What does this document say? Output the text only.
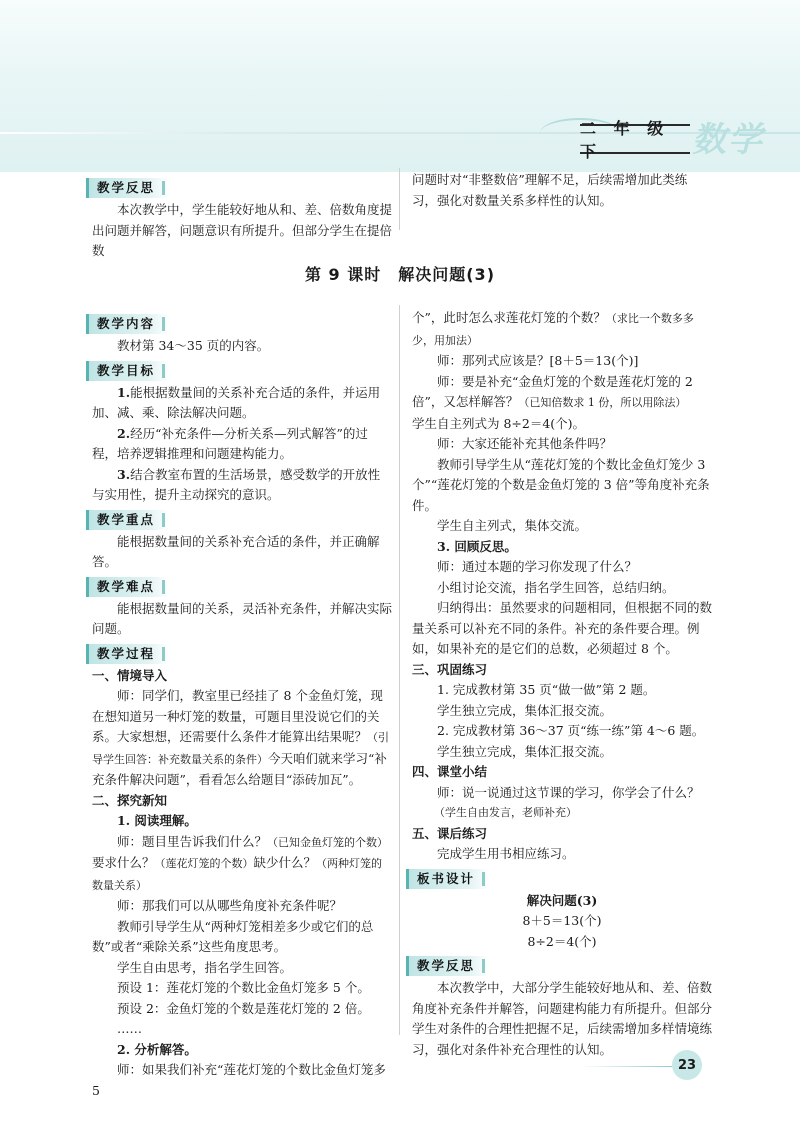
二 年 级 下	数学
教学反思

本次教学中，学生能较好地从和、差、倍数角度提出问题并解答，问题意识有所提升。但部分学生在提倍数

问题时对“非整数倍”理解不足，后续需增加此类练习，强化对数量关系多样性的认知。

第 9 课时　解决问题(3)
教学内容

教材第 34～35 页的内容。

教学目标

1.能根据数量间的关系补充合适的条件，并运用加、减、乘、除法解决问题。

2.经历“补充条件—分析关系—列式解答”的过程，培养逻辑推理和问题建构能力。

3.结合教室布置的生活场景，感受数学的开放性与实用性，提升主动探究的意识。

教学重点

能根据数量间的关系补充合适的条件，并正确解答。

教学难点

能根据数量间的关系，灵活补充条件，并解决实际问题。

教学过程

一、情境导入

师：同学们，教室里已经挂了 8 个金鱼灯笼，现在想知道另一种灯笼的数量，可题目里没说它们的关系。大家想想，还需要什么条件才能算出结果呢？（引导学生回答：补充数量关系的条件）今天咱们就来学习“补充条件解决问题”，看看怎么给题目“添砖加瓦”。

二、探究新知

1. 阅读理解。

师：题目里告诉我们什么？（已知金鱼灯笼的个数）要求什么？（莲花灯笼的个数）缺少什么？（两种灯笼的数量关系）

师：那我们可以从哪些角度补充条件呢？

教师引导学生从“两种灯笼相差多少或它们的总数”或者“乘除关系”这些角度思考。

学生自由思考，指名学生回答。

预设 1：莲花灯笼的个数比金鱼灯笼多 5 个。

预设 2：金鱼灯笼的个数是莲花灯笼的 2 倍。

……

2. 分析解答。

师：如果我们补充“莲花灯笼的个数比金鱼灯笼多 5

个”，此时怎么求莲花灯笼的个数？（求比一个数多多少，用加法）

师：那列式应该是？[8＋5＝13(个)]

师：要是补充“金鱼灯笼的个数是莲花灯笼的 2 倍”，又怎样解答？（已知倍数求 1 份，所以用除法）

学生自主列式为 8÷2＝4(个)。

师：大家还能补充其他条件吗？

教师引导学生从“莲花灯笼的个数比金鱼灯笼少 3 个”“莲花灯笼的个数是金鱼灯笼的 3 倍”等角度补充条件。

学生自主列式，集体交流。

3. 回顾反思。

师：通过本题的学习你发现了什么？

小组讨论交流，指名学生回答，总结归纳。

归纳得出：虽然要求的问题相同，但根据不同的数量关系可以补充不同的条件。补充的条件要合理。例如，如果补充的是它们的总数，必须超过 8 个。

三、巩固练习

1. 完成教材第 35 页“做一做”第 2 题。

学生独立完成，集体汇报交流。

2. 完成教材第 36～37 页“练一练”第 4～6 题。

学生独立完成，集体汇报交流。

四、课堂小结

师：说一说通过这节课的学习，你学会了什么？

（学生自由发言，老师补充）

五、课后练习

完成学生用书相应练习。

板书设计

解决问题(3)

8＋5＝13(个)

8÷2＝4(个)

教学反思

本次教学中，大部分学生能较好地从和、差、倍数角度补充条件并解答，问题建构能力有所提升。但部分学生对条件的合理性把握不足，后续需增加多样情境练习，强化对条件补充合理性的认知。

23
